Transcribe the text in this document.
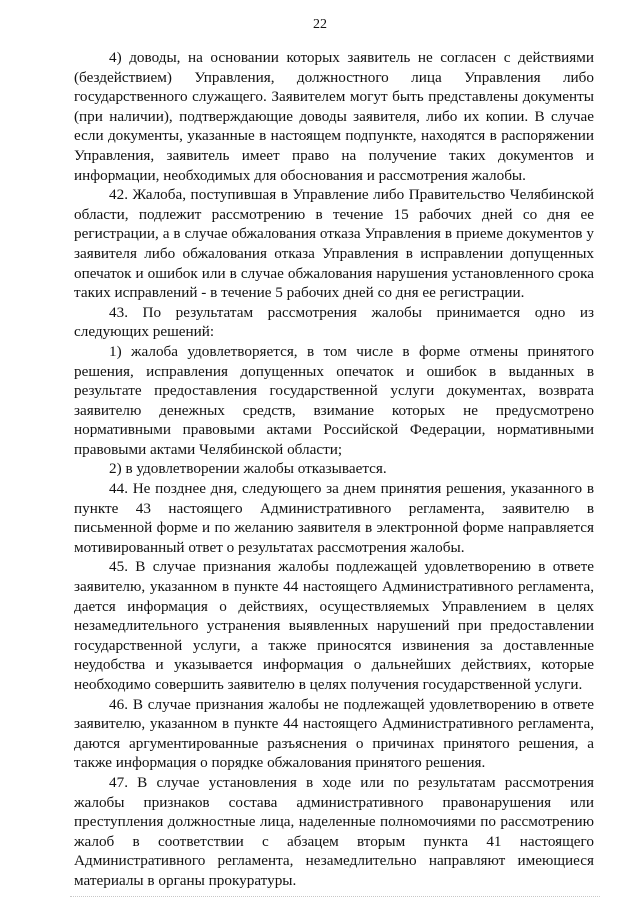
22

4) доводы, на основании которых заявитель не согласен с действиями (бездействием) Управления, должностного лица Управления либо государственного служащего. Заявителем могут быть представлены документы (при наличии), подтверждающие доводы заявителя, либо их копии. В случае если документы, указанные в настоящем подпункте, находятся в распоряжении Управления, заявитель имеет право на получение таких документов и информации, необходимых для обоснования и рассмотрения жалобы.

42. Жалоба, поступившая в Управление либо Правительство Челябинской области, подлежит рассмотрению в течение 15 рабочих дней со дня ее регистрации, а в случае обжалования отказа Управления в приеме документов у заявителя либо обжалования отказа Управления в исправлении допущенных опечаток и ошибок или в случае обжалования нарушения установленного срока таких исправлений - в течение 5 рабочих дней со дня ее регистрации.

43. По результатам рассмотрения жалобы принимается одно из следующих решений:

1) жалоба удовлетворяется, в том числе в форме отмены принятого решения, исправления допущенных опечаток и ошибок в выданных в результате предоставления государственной услуги документах, возврата заявителю денежных средств, взимание которых не предусмотрено нормативными правовыми актами Российской Федерации, нормативными правовыми актами Челябинской области;

2) в удовлетворении жалобы отказывается.

44. Не позднее дня, следующего за днем принятия решения, указанного в пункте 43 настоящего Административного регламента, заявителю в письменной форме и по желанию заявителя в электронной форме направляется мотивированный ответ о результатах рассмотрения жалобы.

45. В случае признания жалобы подлежащей удовлетворению в ответе заявителю, указанном в пункте 44 настоящего Административного регламента, дается информация о действиях, осуществляемых Управлением в целях незамедлительного устранения выявленных нарушений при предоставлении государственной услуги, а также приносятся извинения за доставленные неудобства и указывается информация о дальнейших действиях, которые необходимо совершить заявителю в целях получения государственной услуги.

46. В случае признания жалобы не подлежащей удовлетворению в ответе заявителю, указанном в пункте 44 настоящего Административного регламента, даются аргументированные разъяснения о причинах принятого решения, а также информация о порядке обжалования принятого решения.

47. В случае установления в ходе или по результатам рассмотрения жалобы признаков состава административного правонарушения или преступления должностные лица, наделенные полномочиями по рассмотрению жалоб в соответствии с абзацем вторым пункта 41 настоящего Административного регламента, незамедлительно направляют имеющиеся материалы в органы прокуратуры.
